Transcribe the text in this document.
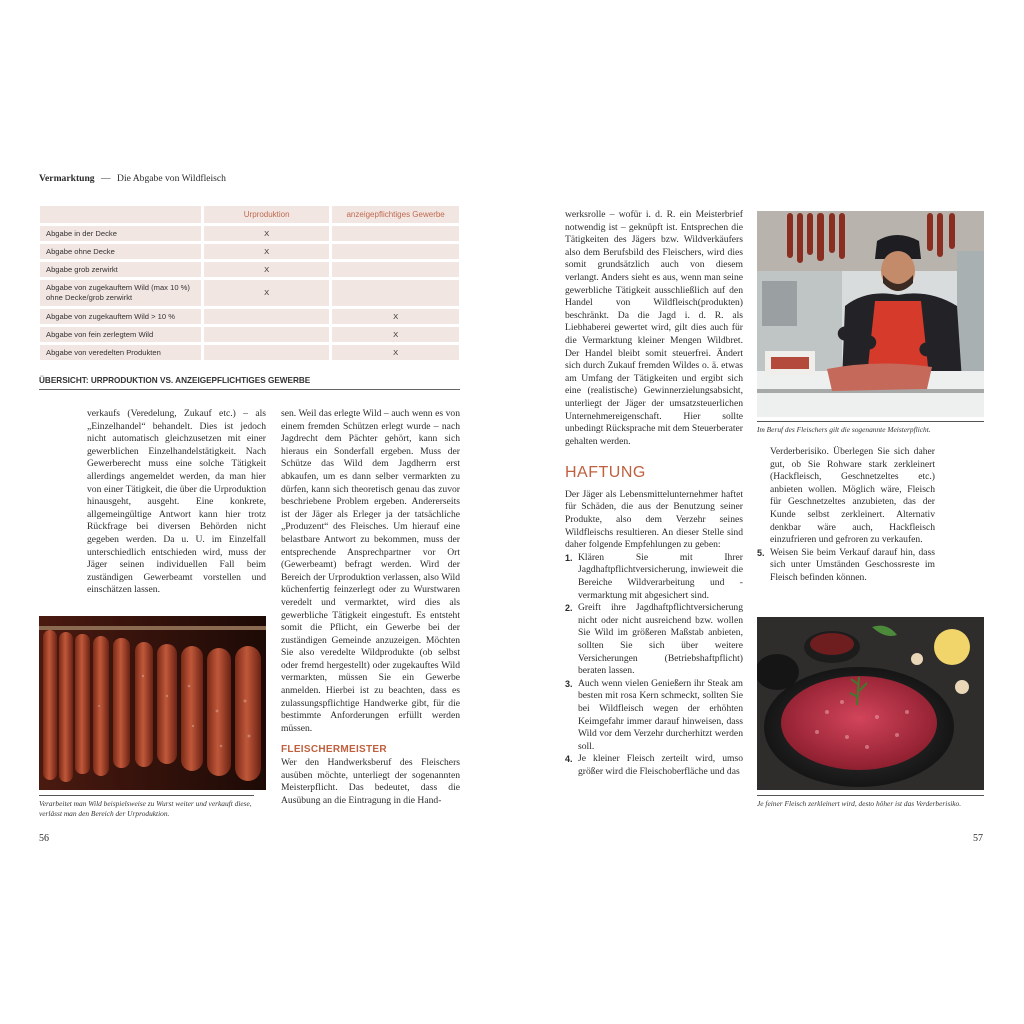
Vermarktung — Die Abgabe von Wildfleisch
	Urproduktion	anzeigepflichtiges Gewerbe
Abgabe in der Decke	X	
Abgabe ohne Decke	X	
Abgabe grob zerwirkt	X	
Abgabe von zugekauftem Wild (max 10 %) ohne Decke/grob zerwirkt	X	
Abgabe von zugekauftem Wild > 10 %		X
Abgabe von fein zerlegtem Wild		X
Abgabe von veredelten Produkten		X
ÜBERSICHT: URPRODUKTION VS. ANZEIGEPFLICHTIGES GEWERBE

verkaufs (Veredelung, Zukauf etc.) – als „Einzelhandel“ behandelt. Dies ist jedoch nicht automatisch gleichzusetzen mit einer gewerblichen Einzelhandelstätigkeit. Nach Gewerberecht muss eine solche Tätigkeit allerdings angemeldet werden, da man hier von einer Tätigkeit, die über die Urproduktion hinausgeht, ausgeht. Eine konkrete, allgemeingültige Antwort kann hier trotz Rückfrage bei diversen Behörden nicht gegeben werden. Da u. U. im Einzelfall unterschiedlich entschieden wird, muss der Jäger seinen individuellen Fall beim zuständigen Gewerbeamt vorstellen und einschätzen lassen.

sen. Weil das erlegte Wild – auch wenn es von einem fremden Schützen erlegt wurde – nach Jagdrecht dem Pächter gehört, kann sich hieraus ein Sonderfall ergeben. Muss der Schütze das Wild dem Jagdherrn erst abkaufen, um es dann selber vermarkten zu dürfen, kann sich theoretisch genau das zuvor beschriebene Problem ergeben. Andererseits ist der Jäger als Erleger ja der tatsächliche „Produzent“ des Fleisches. Um hierauf eine belastbare Antwort zu bekommen, muss der entsprechende Ansprechpartner vor Ort (Gewerbeamt) befragt werden. Wird der Bereich der Urproduktion verlassen, also Wild küchenfertig feinzerlegt oder zu Wurstwaren veredelt und vermarktet, wird dies als gewerbliche Tätigkeit eingestuft. Es entsteht somit die Pflicht, ein Gewerbe bei der zuständigen Gemeinde anzuzeigen. Möchten Sie also veredelte Wildprodukte (ob selbst oder fremd hergestellt) oder zugekauftes Wild vermarkten, müssen Sie ein Gewerbe anmelden. Hierbei ist zu beachten, dass es zulassungspflichtige Handwerke gibt, für die bestimmte Anforderungen erfüllt werden müssen.

FLEISCHERMEISTER

Wer den Handwerksberuf des Fleischers ausüben möchte, unterliegt der sogenannten Meisterpflicht. Das bedeutet, dass die Ausübung an die Eintragung in die Hand-

Verarbeitet man Wild beispielsweise zu Wurst weiter und verkauft diese, verlässt man den Bereich der Urproduktion.
56

werksrolle – wofür i. d. R. ein Meisterbrief notwendig ist – geknüpft ist. Entsprechen die Tätigkeiten des Jägers bzw. Wildverkäufers also dem Berufsbild des Fleischers, wird dies somit grundsätzlich auch von diesem verlangt. Anders sieht es aus, wenn man seine gewerbliche Tätigkeit ausschließlich auf den Handel von Wildfleisch(produkten) beschränkt. Da die Jagd i. d. R. als Liebhaberei gewertet wird, gilt dies auch für die Vermarktung kleiner Mengen Wildbret. Der Handel bleibt somit steuerfrei. Ändert sich durch Zukauf fremden Wildes o. ä. etwas am Umfang der Tätigkeiten und ergibt sich eine (realistische) Gewinnerzielungsabsicht, unterliegt der Jäger der umsatzsteuerlichen Unternehmereigenschaft. Hier sollte unbedingt Rücksprache mit dem Steuerberater gehalten werden.

HAFTUNG

Der Jäger als Lebensmittelunternehmer haftet für Schäden, die aus der Benutzung seiner Produkte, also dem Verzehr seines Wildfleischs resultieren. An dieser Stelle sind daher folgende Empfehlungen zu geben:

1. Klären Sie mit Ihrer Jagdhaftpflichtversicherung, inwieweit die Bereiche Wildverarbeitung und -vermarktung mit abgesichert sind.
2. Greift ihre Jagdhaftpflichtversicherung nicht oder nicht ausreichend bzw. wollen Sie Wild im größeren Maßstab anbieten, sollten Sie sich über weitere Versicherungen (Betriebshaftpflicht) beraten lassen.
3. Auch wenn vielen Genießern ihr Steak am besten mit rosa Kern schmeckt, sollten Sie bei Wildfleisch wegen der erhöhten Keimgefahr immer darauf hinweisen, dass Wild vor dem Verzehr durcherhitzt werden soll.
4. Je kleiner Fleisch zerteilt wird, umso größer wird die Fleischoberfläche und das
Im Beruf des Fleischers gilt die sogenannte Meisterpflicht.

Verderberisiko. Überlegen Sie sich daher gut, ob Sie Rohware stark zerkleinert (Hackfleisch, Geschnetzeltes etc.) anbieten wollen. Möglich wäre, Fleisch für Geschnetzeltes anzubieten, das der Kunde selbst zerkleinert. Alternativ denkbar wäre auch, Hackfleisch einzufrieren und gefroren zu verkaufen.

5. Weisen Sie beim Verkauf darauf hin, dass sich unter Umständen Geschossreste im Fleisch befinden können.
Je feiner Fleisch zerkleinert wird, desto höher ist das Verderberisiko.
57
